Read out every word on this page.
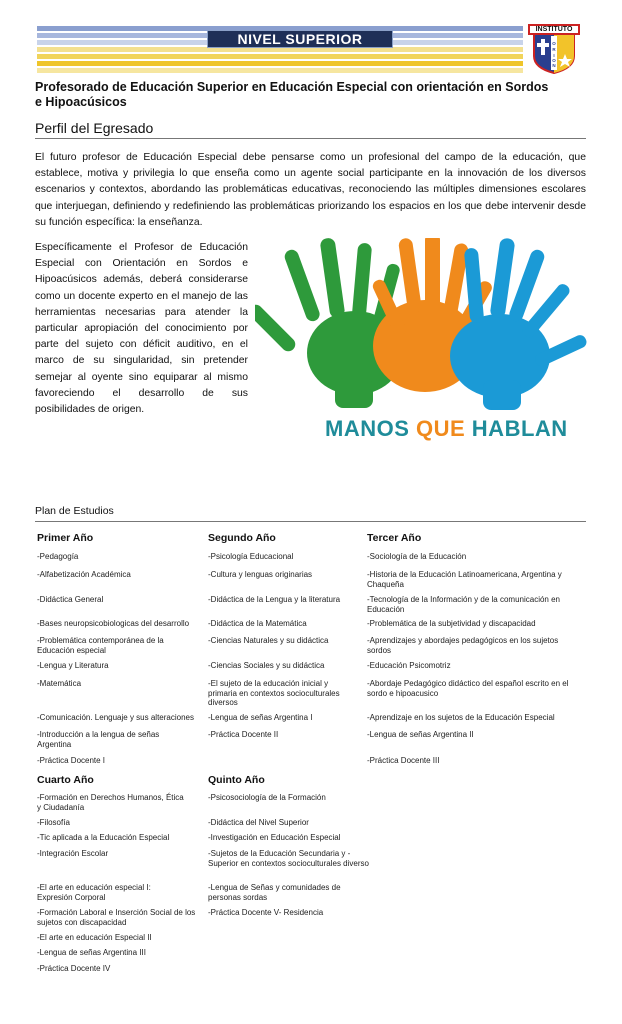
NIVEL SUPERIOR	O
R
I
O
N
INSTITUTO
Profesorado de Educación Superior en Educación Especial con orientación en Sordos e Hipoacúsicos
Perfil del Egresado
El futuro profesor de Educación Especial debe pensarse como un profesional del campo de la educación, que establece, motiva y privilegia lo que enseña como un agente social participante en la innovación de los diversos escenarios y contextos, abordando las problemáticas educativas, reconociendo las múltiples dimensiones escolares que interjuegan, definiendo y redefiniendo las problemáticas priorizando los espacios en los que debe intervenir desde su función específica: la enseñanza.
Específicamente el Profesor de Educación Especial con Orientación en Sordos e Hipoacúsicos además, deberá considerarse como un docente experto en el manejo de las herramientas necesarias para atender la particular apropiación del conocimiento por parte del sujeto con déficit auditivo, en el marco de su singularidad, sin pretender semejar al oyente sino equiparar al mismo favoreciendo el desarrollo de sus posibilidades de origen.
MANOS QUE HABLAN
Plan de Estudios
Primer Año
-Pedagogía
-Alfabetización Académica
-Didáctica General
-Bases neuropsicobiologicas del desarrollo
-Problemática contemporánea de la Educación especial
-Lengua y Literatura
-Matemática
-Comunicación. Lenguaje y sus alteraciones
-Introducción a la lengua de señas Argentina
-Práctica Docente I
Segundo Año
-Psicología Educacional
-Cultura y lenguas originarias
-Didáctica de la Lengua y la literatura
-Didáctica de la Matemática
-Ciencias Naturales y su didáctica
-Ciencias Sociales y su didáctica
-El sujeto de la educación inicial y primaria en contextos socioculturales diversos
-Lengua de señas Argentina I
-Práctica Docente II
Tercer Año
-Sociología de la Educación
-Historia de la Educación Latinoamericana, Argentina y Chaqueña
-Tecnología de la Información y de la comunicación en Educación
-Problemática de la subjetividad y discapacidad
-Aprendizajes y abordajes pedagógicos en los sujetos sordos
-Educación Psicomotriz
-Abordaje Pedagógico didáctico del español escrito en el sordo e hipoacusico
-Aprendizaje en los sujetos de la Educación Especial
-Lengua de señas Argentina II
-Práctica Docente III
Cuarto Año
-Formación en Derechos Humanos, Ética y Ciudadanía
-Filosofía
-Tic aplicada a la Educación Especial
-Integración Escolar
-El arte en educación especial I: Expresión Corporal
-Formación Laboral e Inserción Social de los sujetos con discapacidad
-El arte en educación Especial II
-Lengua de señas Argentina III
-Práctica Docente IV
Quinto Año
-Psicosociología de la Formación
-Didáctica del Nivel Superior
-Investigación en Educación Especial
-Sujetos de la Educación Secundaria y -Superior en contextos socioculturales diverso
-Lengua de Señas y comunidades de personas sordas
-Práctica Docente V- Residencia
